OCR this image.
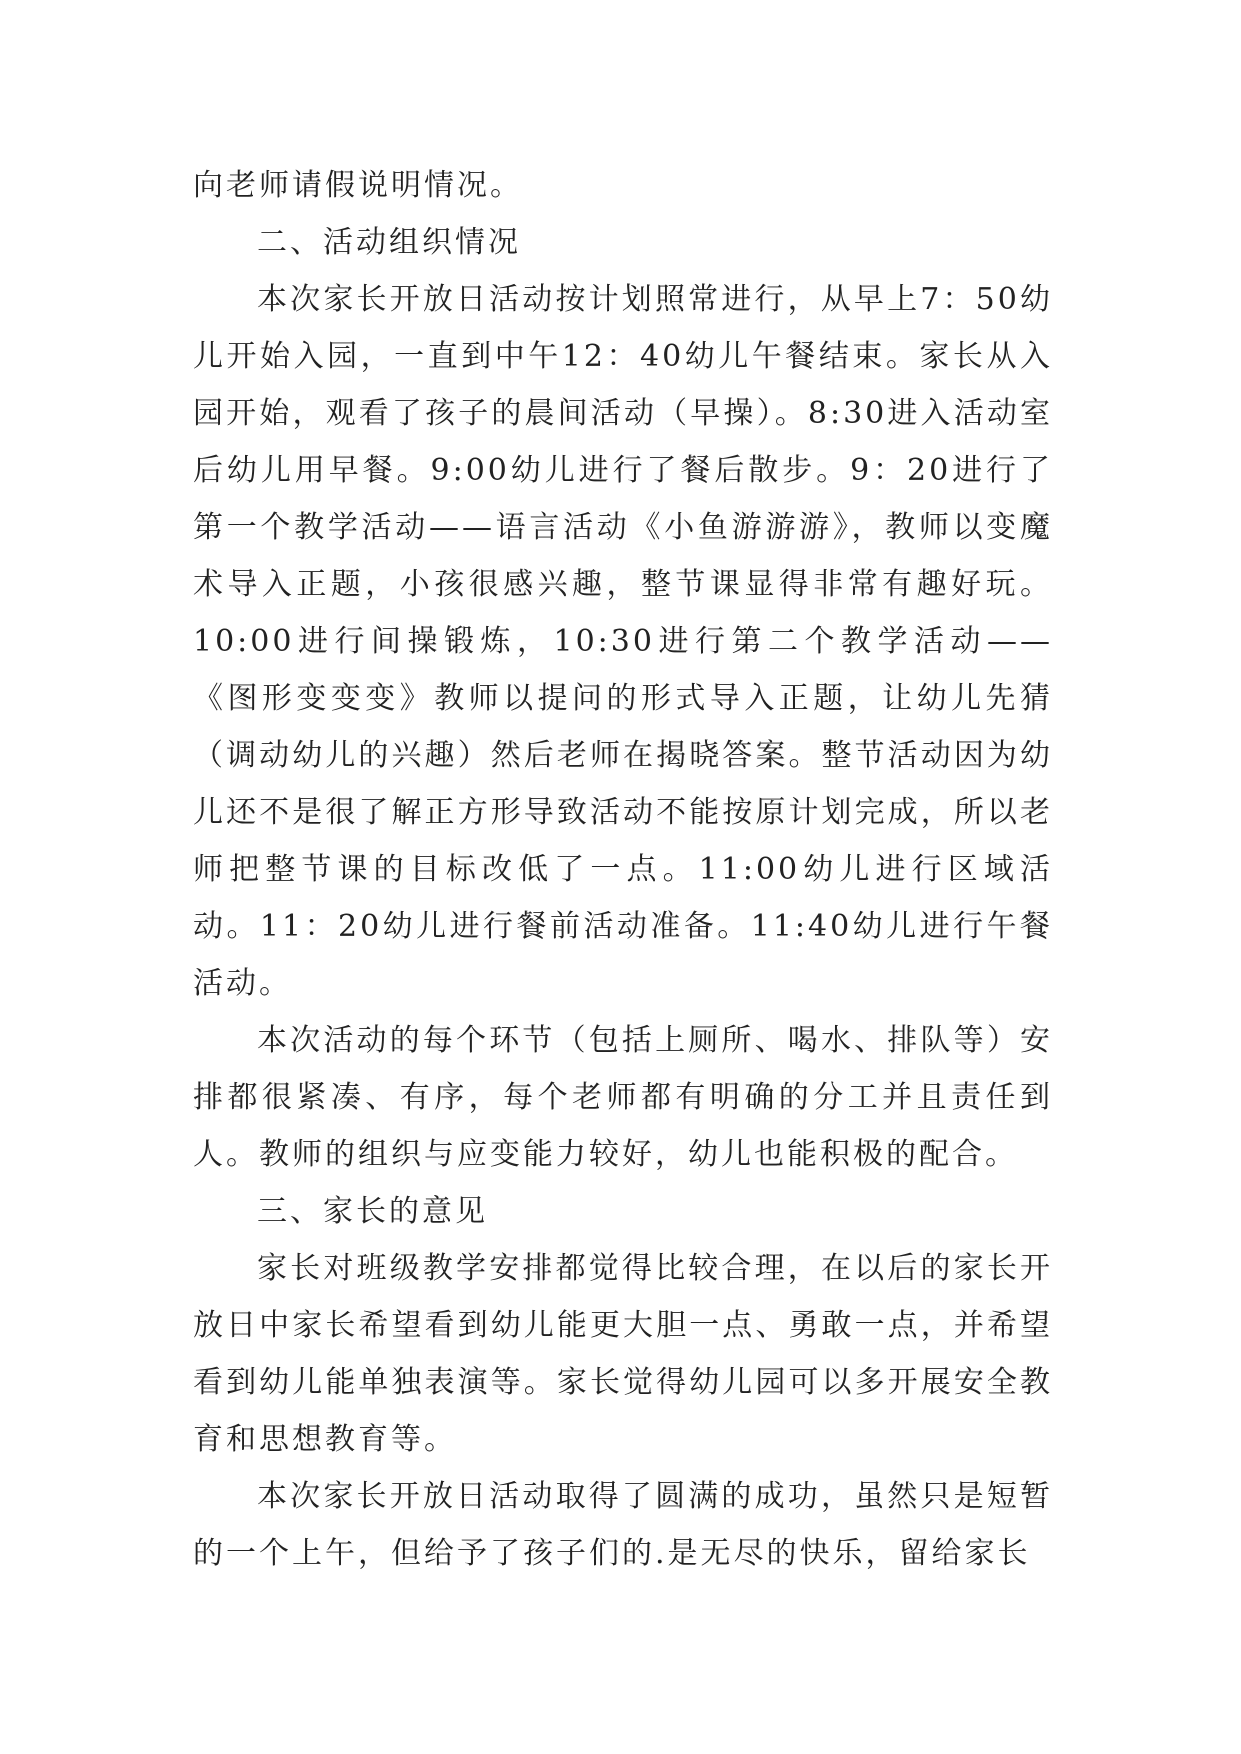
向老师请假说明情况。

二、活动组织情况

本次家长开放日活动按计划照常进行，从早上7：50幼儿开始入园，一直到中午12：40幼儿午餐结束。家长从入园开始，观看了孩子的晨间活动（早操）。8:30进入活动室后幼儿用早餐。9:00幼儿进行了餐后散步。9：20进行了第一个教学活动——语言活动《小鱼游游游》，教师以变魔术导入正题，小孩很感兴趣，整节课显得非常有趣好玩。10:00进行间操锻炼，10:30进行第二个教学活动——《图形变变变》教师以提问的形式导入正题，让幼儿先猜（调动幼儿的兴趣）然后老师在揭晓答案。整节活动因为幼儿还不是很了解正方形导致活动不能按原计划完成，所以老师把整节课的目标改低了一点。11:00幼儿进行区域活动。11：20幼儿进行餐前活动准备。11:40幼儿进行午餐活动。

本次活动的每个环节（包括上厕所、喝水、排队等）安排都很紧凑、有序，每个老师都有明确的分工并且责任到人。教师的组织与应变能力较好，幼儿也能积极的配合。

三、家长的意见

家长对班级教学安排都觉得比较合理，在以后的家长开放日中家长希望看到幼儿能更大胆一点、勇敢一点，并希望看到幼儿能单独表演等。家长觉得幼儿园可以多开展安全教育和思想教育等。

本次家长开放日活动取得了圆满的成功，虽然只是短暂的一个上午，但给予了孩子们的.是无尽的快乐，留给家长
